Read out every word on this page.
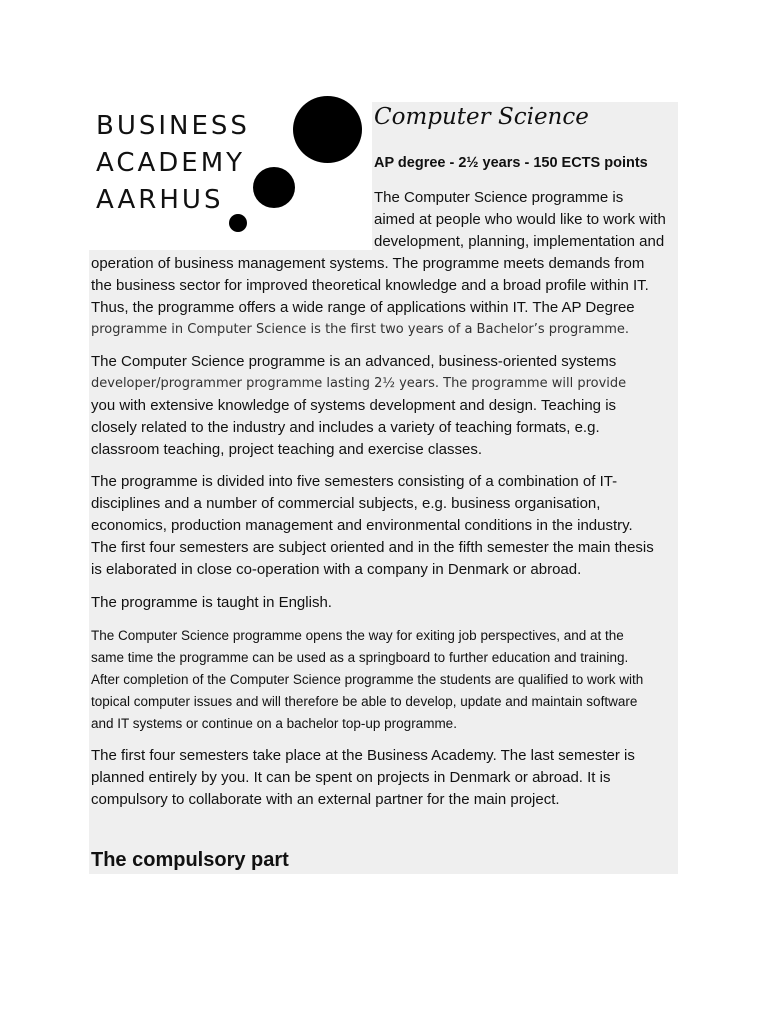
BUSINESS
ACADEMY
AARHUS
Computer Science
AP degree - 2½ years - 150 ECTS points
The Computer Science programme is
aimed at people who would like to work with
development, planning, implementation and
operation of business management systems. The programme meets demands from
the business sector for improved theoretical knowledge and a broad profile within IT.
Thus, the programme offers a wide range of applications within IT. The AP Degree
programme in Computer Science is the first two years of a Bachelor’s programme.
The Computer Science programme is an advanced, business-oriented systems
developer/programmer programme lasting 2½ years. The programme will provide
you with extensive knowledge of systems development and design. Teaching is
closely related to the industry and includes a variety of teaching formats, e.g.
classroom teaching, project teaching and exercise classes.
The programme is divided into five semesters consisting of a combination of IT-
disciplines and a number of commercial subjects, e.g. business organisation,
economics, production management and environmental conditions in the industry.
The first four semesters are subject oriented and in the fifth semester the main thesis
is elaborated in close co-operation with a company in Denmark or abroad.
The programme is taught in English.
The Computer Science programme opens the way for exiting job perspectives, and at the
same time the programme can be used as a springboard to further education and training.
After completion of the Computer Science programme the students are qualified to work with
topical computer issues and will therefore be able to develop, update and maintain software
and IT systems or continue on a bachelor top-up programme.
The first four semesters take place at the Business Academy. The last semester is
planned entirely by you. It can be spent on projects in Denmark or abroad. It is
compulsory to collaborate with an external partner for the main project.
The compulsory part
